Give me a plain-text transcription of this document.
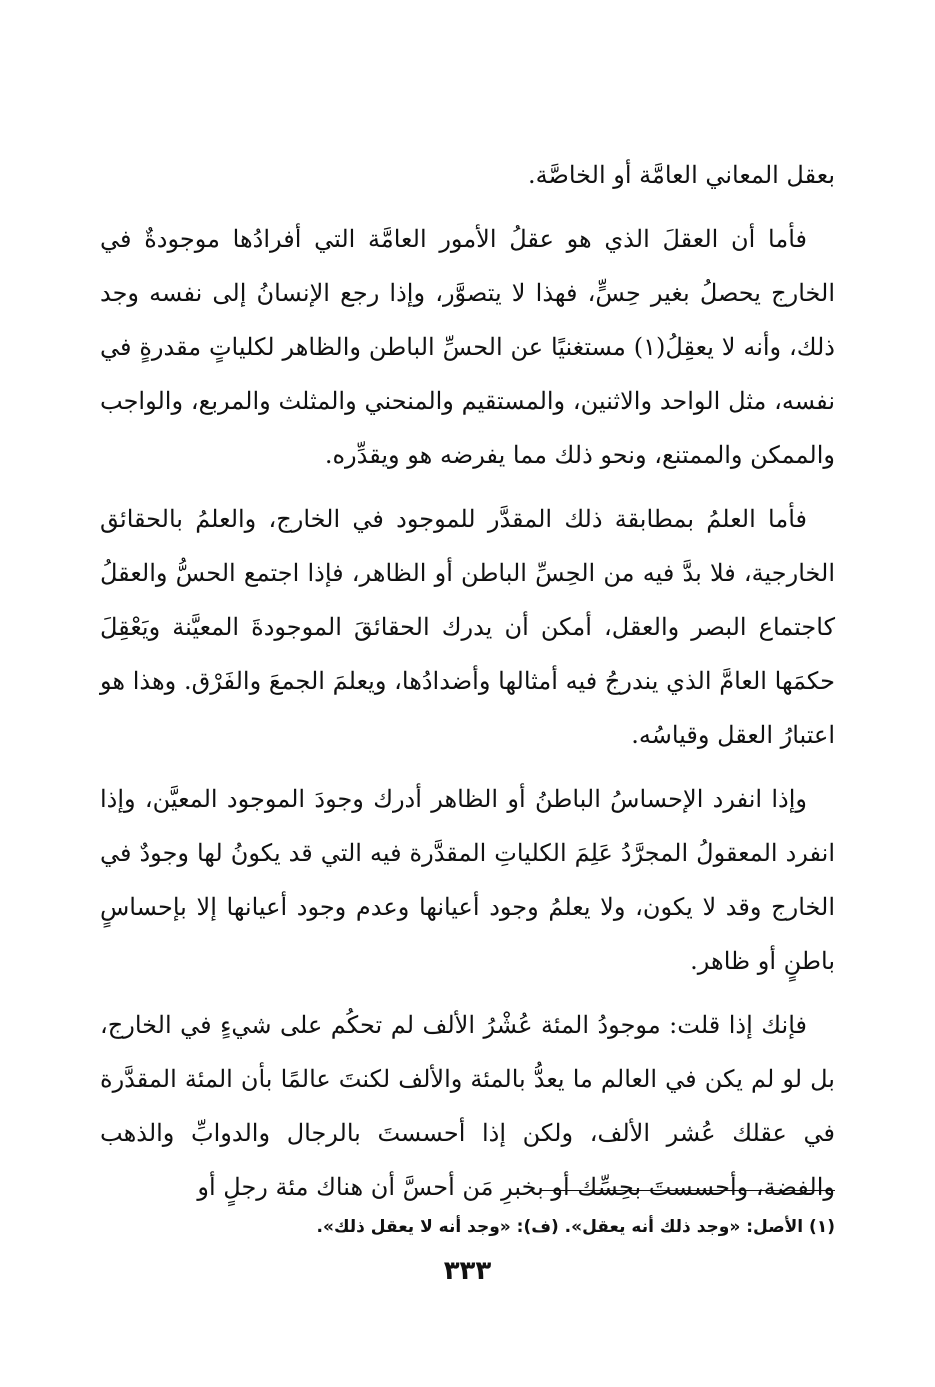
بعقل المعاني العامَّة أو الخاصَّة.

فأما أن العقلَ الذي هو عقلُ الأمور العامَّة التي أفرادُها موجودةٌ في الخارج يحصلُ بغير حِسٍّ، فهذا لا يتصوَّر، وإذا رجع الإنسانُ إلى نفسه وجد ذلك، وأنه لا يعقِلُ(١) مستغنيًا عن الحسِّ الباطن والظاهر لكلياتٍ مقدرةٍ في نفسه، مثل الواحد والاثنين، والمستقيم والمنحني والمثلث والمربع، والواجب والممكن والممتنع، ونحو ذلك مما يفرضه هو ويقدِّره.

فأما العلمُ بمطابقة ذلك المقدَّر للموجود في الخارج، والعلمُ بالحقائق الخارجية، فلا بدَّ فيه من الحِسِّ الباطن أو الظاهر، فإذا اجتمع الحسُّ والعقلُ كاجتماع البصر والعقل، أمكن أن يدرك الحقائقَ الموجودةَ المعيَّنة ويَعْقِلَ حكمَها العامَّ الذي يندرجُ فيه أمثالها وأضدادُها، ويعلمَ الجمعَ والفَرْق. وهذا هو اعتبارُ العقل وقياسُه.

وإذا انفرد الإحساسُ الباطنُ أو الظاهر أدرك وجودَ الموجود المعيَّن، وإذا انفرد المعقولُ المجرَّدُ عَلِمَ الكلياتِ المقدَّرة فيه التي قد يكونُ لها وجودٌ في الخارج وقد لا يكون، ولا يعلمُ وجود أعيانها وعدم وجود أعيانها إلا بإحساسٍ باطنٍ أو ظاهر.

فإنك إذا قلت: موجودُ المئة عُشْرُ الألف لم تحكُم على شيءٍ في الخارج، بل لو لم يكن في العالم ما يعدُّ بالمئة والألف لكنتَ عالمًا بأن المئة المقدَّرة في عقلك عُشر الألف، ولكن إذا أحسستَ بالرجال والدوابِّ والذهب والفضة، وأحسستَ بحِسِّك أو بخبرِ مَن أحسَّ أن هناك مئة رجلٍ أو

(١) الأصل: «وجد ذلك أنه يعقل». (ف): «وجد أنه لا يعقل ذلك».
٣٣٣
